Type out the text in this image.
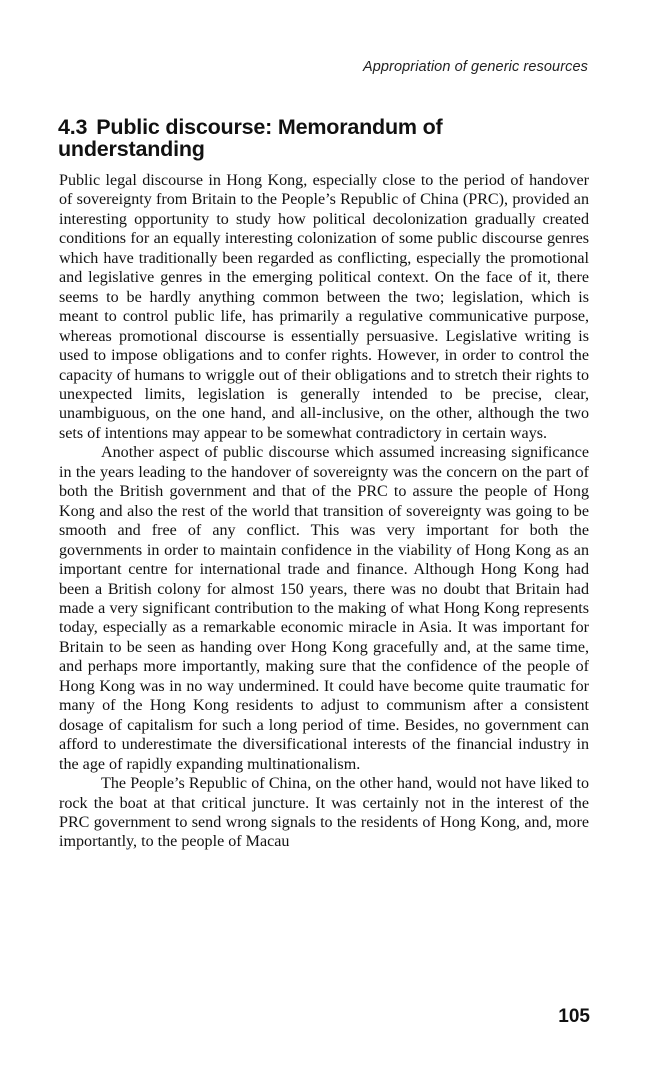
Appropriation of generic resources
4.3 Public discourse: Memorandum of understanding

Public legal discourse in Hong Kong, especially close to the period of handover of sovereignty from Britain to the People’s Republic of China (PRC), provided an interesting opportunity to study how political decolonization gradually created conditions for an equally interesting colonization of some public discourse genres which have traditionally been regarded as conflicting, especially the promotional and legislative genres in the emerging political context. On the face of it, there seems to be hardly anything common between the two; legislation, which is meant to control public life, has primarily a regulative communicative purpose, whereas promotional discourse is essentially persuasive. Legislative writing is used to impose obligations and to confer rights. However, in order to control the capacity of humans to wriggle out of their obligations and to stretch their rights to unexpected limits, legislation is generally intended to be precise, clear, unambiguous, on the one hand, and all-inclusive, on the other, although the two sets of intentions may appear to be somewhat contradictory in certain ways.

Another aspect of public discourse which assumed increasing significance in the years leading to the handover of sovereignty was the concern on the part of both the British government and that of the PRC to assure the people of Hong Kong and also the rest of the world that transition of sovereignty was going to be smooth and free of any conflict. This was very important for both the governments in order to maintain confidence in the viability of Hong Kong as an important centre for international trade and finance. Although Hong Kong had been a British colony for almost 150 years, there was no doubt that Britain had made a very significant contribution to the making of what Hong Kong represents today, especially as a remarkable economic miracle in Asia. It was important for Britain to be seen as handing over Hong Kong gracefully and, at the same time, and perhaps more importantly, making sure that the confidence of the people of Hong Kong was in no way undermined. It could have become quite traumatic for many of the Hong Kong residents to adjust to communism after a consistent dosage of capitalism for such a long period of time. Besides, no government can afford to underestimate the diversificational interests of the financial industry in the age of rapidly expanding multinationalism.

The People’s Republic of China, on the other hand, would not have liked to rock the boat at that critical juncture. It was certainly not in the interest of the PRC government to send wrong signals to the residents of Hong Kong, and, more importantly, to the people of Macau

105
